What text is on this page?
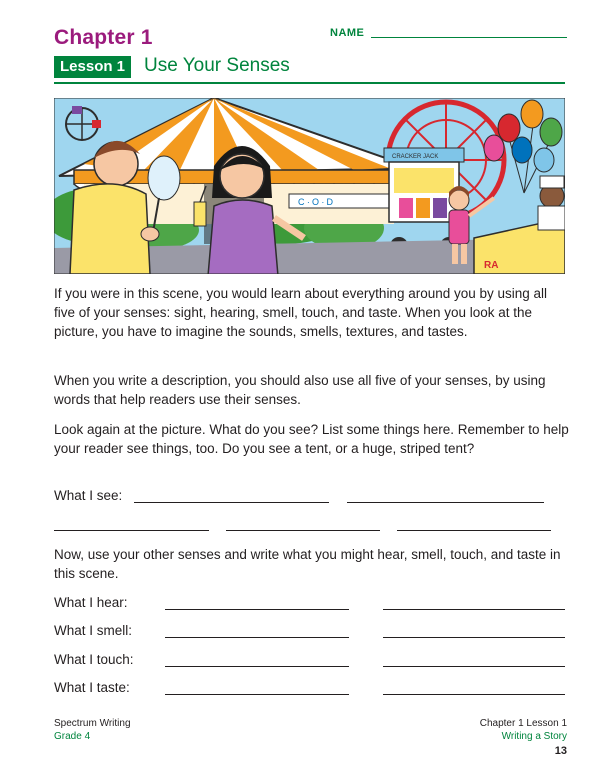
Chapter 1	NAME
Lesson 1 Use Your Senses
C ∙ O ∙ D
CRACKER JACK
RA
If you were in this scene, you would learn about everything around you by using all five of your senses: sight, hearing, smell, touch, and taste. When you look at the picture, you have to imagine the sounds, smells, textures, and tastes.
When you write a description, you should also use all five of your senses, by using words that help readers use their senses.
Look again at the picture. What do you see? List some things here. Remember to help your reader see things, too. Do you see a tent, or a huge, striped tent?
What I see:
Now, use your other senses and write what you might hear, smell, touch, and taste in this scene.
What I hear:
What I smell:
What I touch:
What I taste:
Spectrum Writing
Grade 4
Chapter 1 Lesson 1
Writing a Story
13
